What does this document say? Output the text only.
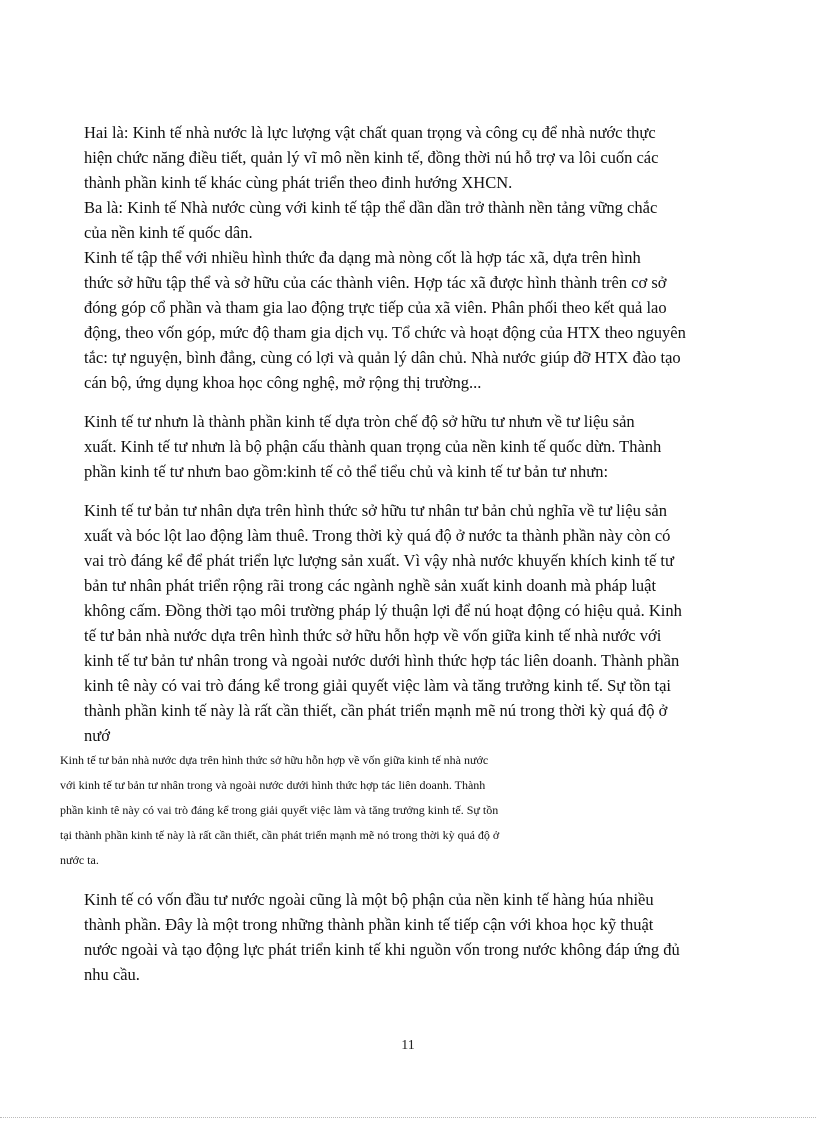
Hai là: Kinh tế nhà nước là lực lượng vật chất quan trọng và công cụ để nhà nước thực
hiện chức năng điều tiết, quản lý vĩ mô nền kinh tế, đồng thời nú hỗ trợ va lôi cuốn các
thành phần kinh tế khác cùng phát triển theo đinh hướng XHCN.

Ba là: Kinh tế Nhà nước cùng với kinh tế tập thể dần dần trở thành nền tảng vững chắc
của nền kinh tế quốc dân.

Kinh tế tập thể với nhiều hình thức đa dạng mà nòng cốt là hợp tác xã, dựa trên hình
thức sở hữu tập thể và sở hữu của các thành viên. Hợp tác xã được hình thành trên cơ sở
đóng góp cổ phần và tham gia lao động trực tiếp của xã viên. Phân phối theo kết quả lao
động, theo vốn góp, mức độ tham gia dịch vụ. Tổ chức và hoạt động của HTX theo nguyên
tắc: tự nguyện, bình đẳng, cùng có lợi và quản lý dân chủ. Nhà nước giúp đỡ HTX đào tạo
cán bộ, ứng dụng khoa học công nghệ, mở rộng thị trường...

Kinh tế tư nhưn là thành phần kinh tế dựa tròn chế độ sở hữu tư nhưn về tư liệu sản
xuất. Kinh tế tư nhưn là bộ phận cấu thành quan trọng của nền kinh tế quốc dừn. Thành
phần kinh tế tư nhưn bao gồm:kinh tế cỏ thể tiểu chủ và kinh tế tư bản tư nhưn:

Kinh tế tư bản tư nhân dựa trên hình thức sở hữu tư nhân tư bản chủ nghĩa về tư liệu sản
xuất và bóc lột lao động làm thuê. Trong thời kỳ quá độ ở nước ta thành phần này còn có
vai trò đáng kể để phát triển lực lượng sản xuất. Vì vậy nhà nước khuyến khích kinh tế tư
bản tư nhân phát triển rộng rãi trong các ngành nghề sản xuất kinh doanh mà pháp luật
không cấm. Đồng thời tạo môi trường pháp lý thuận lợi để nú hoạt động có hiệu quả. Kinh
tế tư bản nhà nước dựa trên hình thức sở hữu hỗn hợp về vốn giữa kinh tế nhà nước với
kinh tế tư bản tư nhân trong và ngoài nước dưới hình thức hợp tác liên doanh. Thành phần
kinh tê này có vai trò đáng kể trong giải quyết việc làm và tăng trưởng kinh tế. Sự tồn tại
thành phần kinh tế này là rất cần thiết, cần phát triển mạnh mẽ nú trong thời kỳ quá độ ở
nướ

Kinh tế tư bản nhà nước dựa trên hình thức sở hữu hỗn hợp về vốn giữa kinh tế nhà nước
với kinh tế tư bản tư nhân trong và ngoài nước dưới hình thức hợp tác liên doanh. Thành
phần kinh tê này có vai trò đáng kể trong giải quyết việc làm và tăng trưởng kinh tế. Sự tồn
tại thành phần kinh tế này là rất cần thiết, cần phát triển mạnh mẽ nó trong thời kỳ quá độ ở
nước ta.

Kinh tế có vốn đầu tư nước ngoài cũng là một bộ phận của nền kinh tế hàng húa nhiều
thành phần. Đây là một trong những thành phần kinh tế tiếp cận với khoa học kỹ thuật
nước ngoài và tạo động lực phát triển kinh tế khi nguồn vốn trong nước không đáp ứng đủ
nhu cầu.

11
